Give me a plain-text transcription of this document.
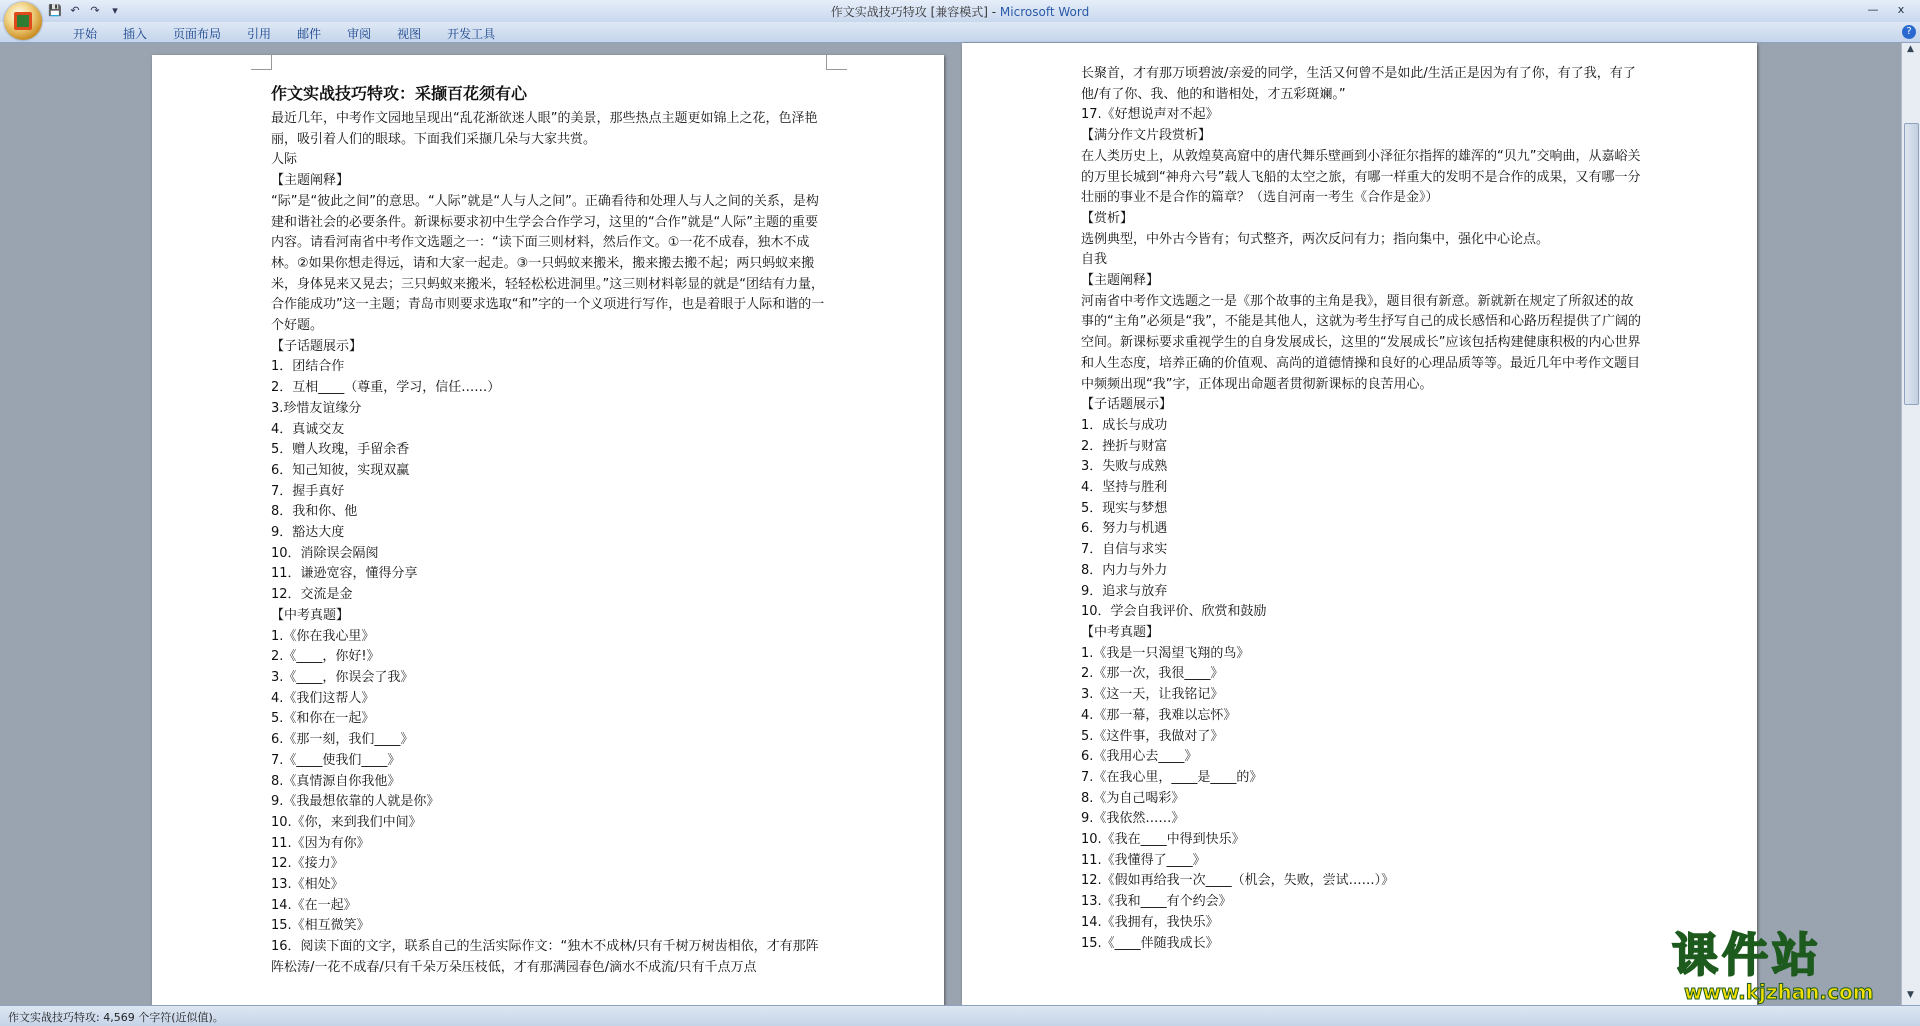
💾 ↶ ↷	▾	作文实战技巧特攻 [兼容模式] - Microsoft Word	—	x
开始	插入	页面布局	引用	邮件	审阅	视图	开发工具	?

作文实战技巧特攻：采撷百花须有心

最近几年，中考作文园地呈现出“乱花渐欲迷人眼”的美景，那些热点主题更如锦上之花，色泽艳丽，吸引着人们的眼球。下面我们采撷几朵与大家共赏。

人际

【主题阐释】

“际”是“彼此之间”的意思。“人际”就是“人与人之间”。正确看待和处理人与人之间的关系，是构建和谐社会的必要条件。新课标要求初中生学会合作学习，这里的“合作”就是“人际”主题的重要内容。请看河南省中考作文选题之一：“读下面三则材料，然后作文。①一花不成春，独木不成林。②如果你想走得远，请和大家一起走。③一只蚂蚁来搬米，搬来搬去搬不起；两只蚂蚁来搬米，身体晃来又晃去；三只蚂蚁来搬米，轻轻松松进洞里。”这三则材料彰显的就是“团结有力量，合作能成功”这一主题；青岛市则要求选取“和”字的一个义项进行写作，也是着眼于人际和谐的一个好题。

【子话题展示】

1．团结合作

2．互相____（尊重，学习，信任……）

3.珍惜友谊缘分

4．真诚交友

5．赠人玫瑰，手留余香

6．知己知彼，实现双赢

7．握手真好

8．我和你、他

9．豁达大度

10．消除误会隔阂

11．谦逊宽容，懂得分享

12．交流是金

【中考真题】

1.《你在我心里》

2.《____，你好!》

3.《____，你误会了我》

4.《我们这帮人》

5.《和你在一起》

6.《那一刻，我们____》

7.《____使我们____》

8.《真情源自你我他》

9.《我最想依靠的人就是你》

10.《你，来到我们中间》

11.《因为有你》

12.《接力》

13.《相处》

14.《在一起》

15.《相互微笑》

16．阅读下面的文字，联系自己的生活实际作文：“独木不成林/只有千树万树齿相依，才有那阵阵松涛/一花不成春/只有千朵万朵压枝低，才有那满园春色/滴水不成流/只有千点万点

长聚首，才有那万顷碧波/亲爱的同学，生活又何曾不是如此/生活正是因为有了你，有了我，有了他/有了你、我、他的和谐相处，才五彩斑斓。”

17.《好想说声对不起》

【满分作文片段赏析】

在人类历史上，从敦煌莫高窟中的唐代舞乐壁画到小泽征尔指挥的雄浑的“贝九”交响曲，从嘉峪关的万里长城到“神舟六号”载人飞船的太空之旅，有哪一样重大的发明不是合作的成果，又有哪一分壮丽的事业不是合作的篇章？（选自河南一考生《合作是金》）

【赏析】

选例典型，中外古今皆有；句式整齐，两次反问有力；指向集中，强化中心论点。

自我

【主题阐释】

河南省中考作文选题之一是《那个故事的主角是我》，题目很有新意。新就新在规定了所叙述的故事的“主角”必须是“我”，不能是其他人，这就为考生抒写自己的成长感悟和心路历程提供了广阔的空间。新课标要求重视学生的自身发展成长，这里的“发展成长”应该包括构建健康积极的内心世界和人生态度，培养正确的价值观、高尚的道德情操和良好的心理品质等等。最近几年中考作文题目中频频出现“我”字，正体现出命题者贯彻新课标的良苦用心。

【子话题展示】

1．成长与成功

2．挫折与财富

3．失败与成熟

4．坚持与胜利

5．现实与梦想

6．努力与机遇

7．自信与求实

8．内力与外力

9．追求与放弃

10．学会自我评价、欣赏和鼓励

【中考真题】

1.《我是一只渴望飞翔的鸟》

2.《那一次，我很____》

3.《这一天，让我铭记》

4.《那一幕，我难以忘怀》

5.《这件事，我做对了》

6.《我用心去____》

7.《在我心里，____是____的》

8.《为自己喝彩》

9.《我依然……》

10.《我在____中得到快乐》

11.《我懂得了____》

12.《假如再给我一次____（机会，失败，尝试……）》

13.《我和____有个约会》

14.《我拥有，我快乐》

15.《____伴随我成长》

▲
▼
课件站
www.kjzhan.com
作文实战技巧特攻: 4,569 个字符(近似值)。
